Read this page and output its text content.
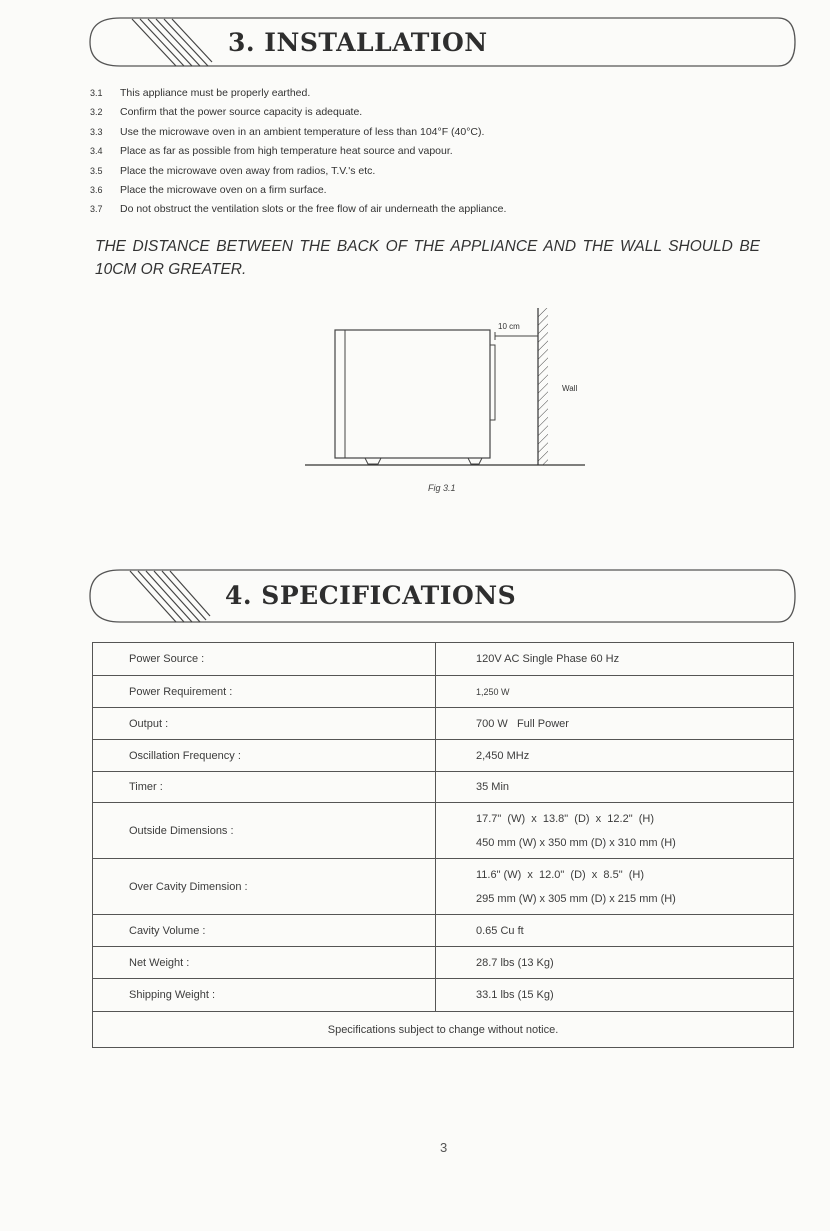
3. INSTALLATION
3.1 This appliance must be properly earthed.
3.2 Confirm that the power source capacity is adequate.
3.3 Use the microwave oven in an ambient temperature of less than 104°F (40°C).
3.4 Place as far as possible from high temperature heat source and vapour.
3.5 Place the microwave oven away from radios, T.V.'s etc.
3.6 Place the microwave oven on a firm surface.
3.7 Do not obstruct the ventilation slots or the free flow of air underneath the appliance.
THE DISTANCE BETWEEN THE BACK OF THE APPLIANCE AND THE WALL SHOULD BE 10CM OR GREATER.
10 cm
Wall
Fig 3.1
4. SPECIFICATIONS
Power Source :	120V AC Single Phase 60 Hz

Power Requirement :	1,250 W

Output :	700 W   Full Power

Oscillation Frequency :	2,450 MHz

Timer :	35 Min

Outside Dimensions :	17.7"  (W)  x  13.8"  (D)  x  12.2"  (H)
450 mm (W) x 350 mm (D) x 310 mm (H)

Over Cavity Dimension :	11.6" (W)  x  12.0"  (D)  x  8.5"  (H)
295 mm (W) x 305 mm (D) x 215 mm (H)

Cavity Volume :	0.65 Cu ft

Net Weight :	28.7 lbs (13 Kg)

Shipping Weight :	33.1 lbs (15 Kg)

Specifications subject to change without notice.	
3
